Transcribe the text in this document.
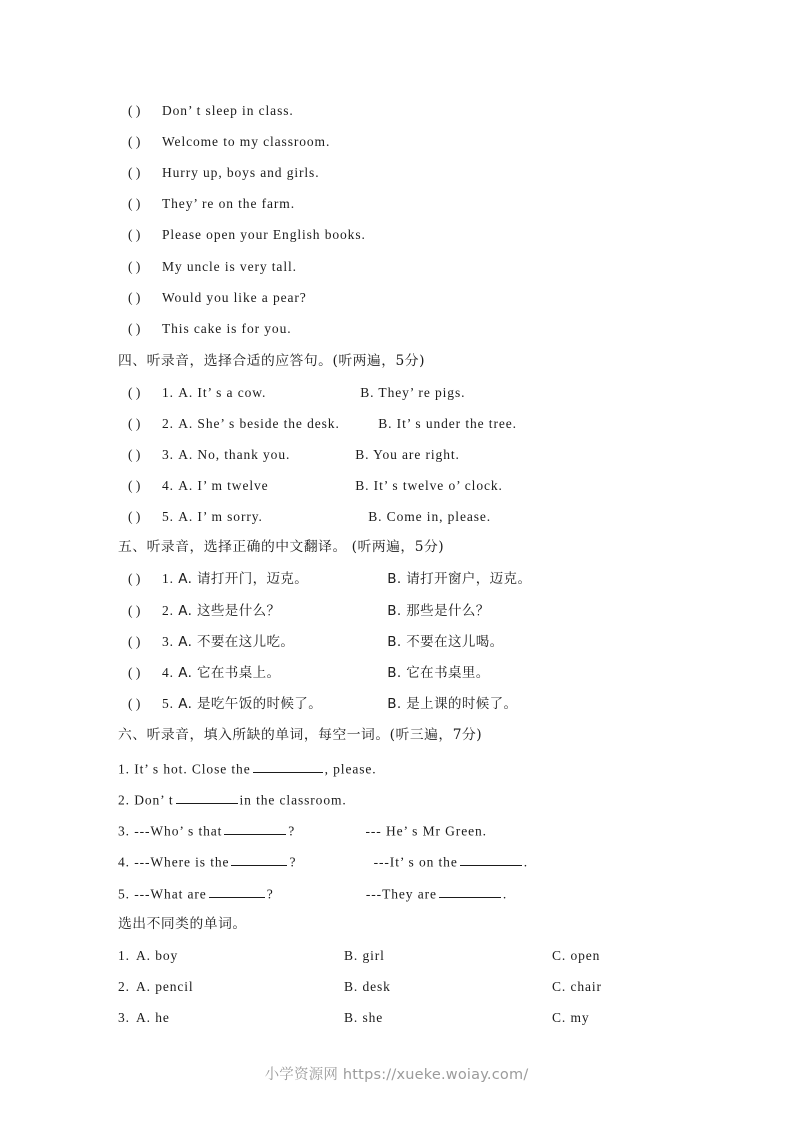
( ) Don’ t sleep in class.
( ) Welcome to my classroom.
( ) Hurry up, boys and girls.
( ) They’ re on the farm.
( ) Please open your English books.
( ) My uncle is very tall.
( ) Would you like a pear?
( ) This cake is for you.
四、听录音，选择合适的应答句。(听两遍，5分)
( ) 1. A. It’ s a cow.	B. They’ re pigs.
( ) 2. A. She’ s beside the desk.	B. It’ s under the tree.
( ) 3. A. No, thank you.	B. You are right.
( ) 4. A. I’ m twelve	B. It’ s twelve o’ clock.
( ) 5. A. I’ m sorry.	B. Come in, please.
五、听录音，选择正确的中文翻译。 (听两遍，5分)
( ) 1. A. 请打开门，迈克。	B. 请打开窗户，迈克。
( ) 2. A. 这些是什么？	B. 那些是什么？
( ) 3. A. 不要在这儿吃。	B. 不要在这儿喝。
( ) 4. A. 它在书桌上。	B. 它在书桌里。
( ) 5. A. 是吃午饭的时候了。	B. 是上课的时候了。
六、听录音，填入所缺的单词，每空一词。(听三遍，7分)
1. It’ s hot. Close the	, please.
2. Don’ t	in the classroom.
3. ---Who’ s that	?	--- He’ s Mr Green.
4. ---Where is the	?	---It’ s on the	.
5. ---What are	?	---They are	.
选出不同类的单词。
1. A. boy	B. girl	C. open
2. A. pencil	B. desk	C. chair
3. A. he	B. she	C. my
小学资源网 https://xueke.woiay.com/
